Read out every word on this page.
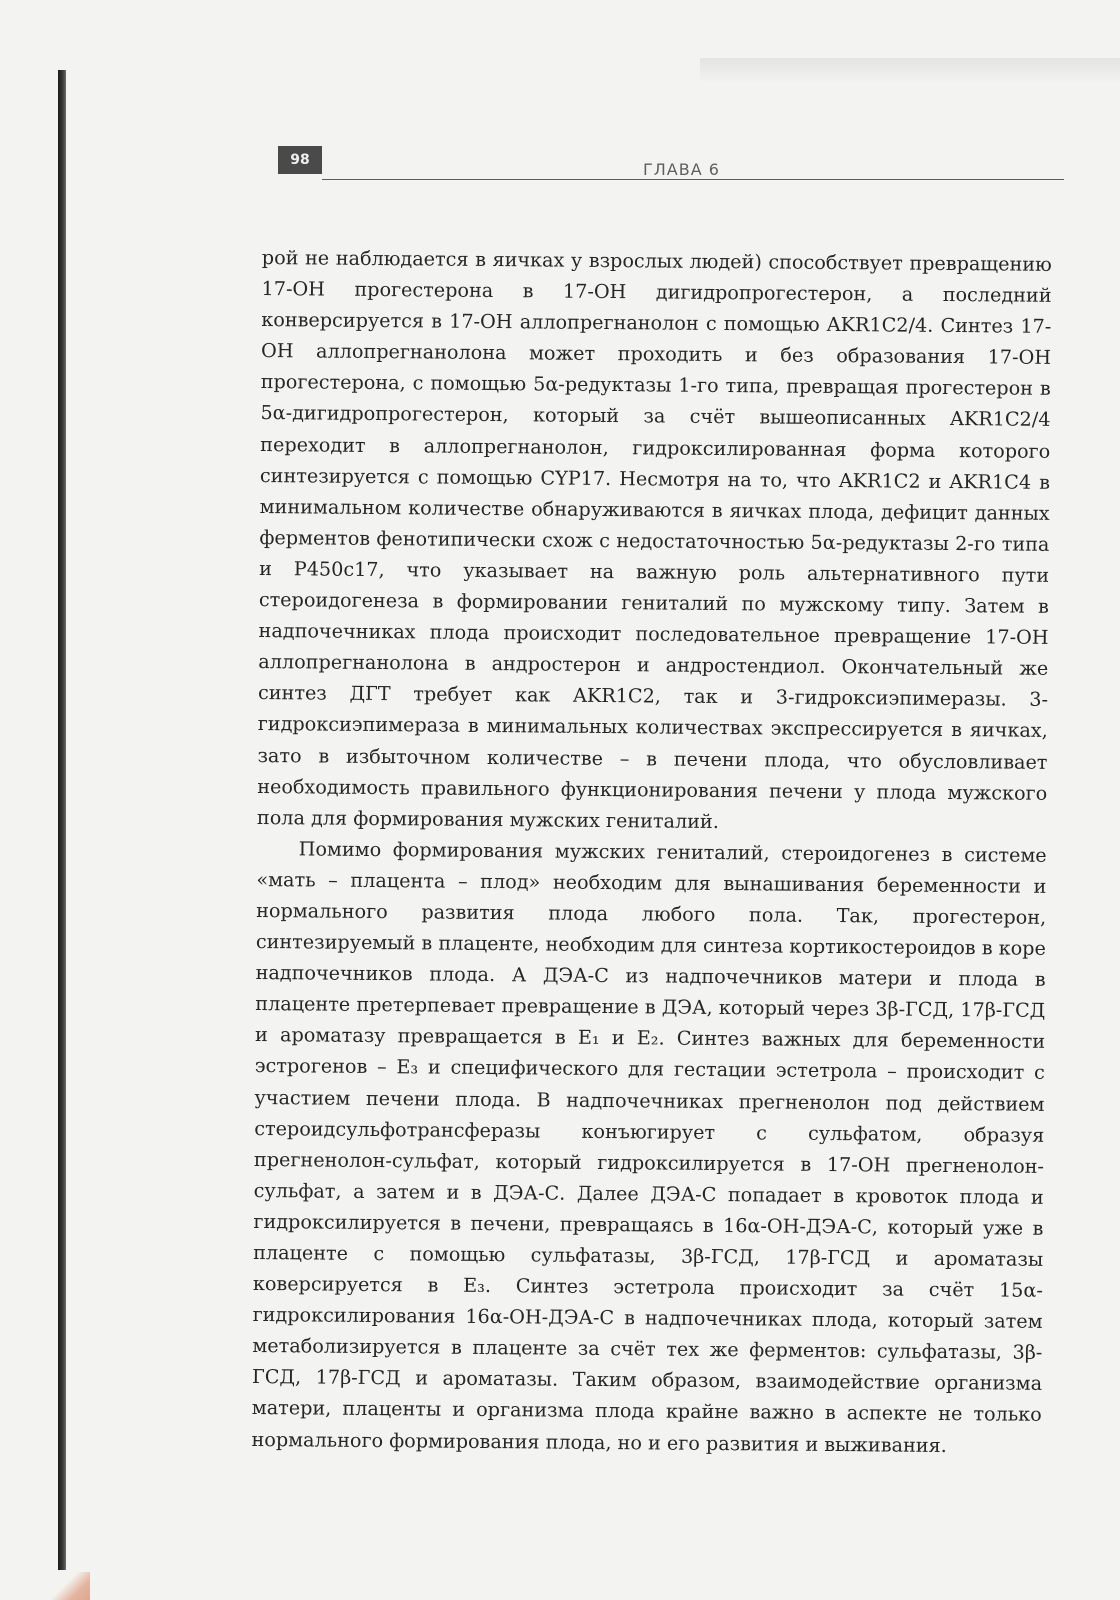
98	ГЛАВА 6

рой не наблюдается в яичках у взрослых людей) способствует превращению 17-ОН прогестерона в 17-ОН дигидропрогестерон, а последний конверсируется в 17-ОН аллопрегнанолон с помощью AKR1C2/4. Синтез 17-ОН аллопрегнанолона может проходить и без образования 17-ОН прогестерона, с помощью 5α-редуктазы 1-го типа, превращая прогестерон в 5α-дигидропрогестерон, который за счёт вышеописанных AKR1C2/4 переходит в аллопрегнанолон, гидроксилированная форма которого синтезируется с помощью CYP17. Несмотря на то, что AKR1C2 и AKR1C4 в минимальном количестве обнаруживаются в яичках плода, дефицит данных ферментов фенотипически схож с недостаточностью 5α-редуктазы 2-го типа и P450c17, что указывает на важную роль альтернативного пути стероидогенеза в формировании гениталий по мужскому типу. Затем в надпочечниках плода происходит последовательное превращение 17-ОН аллопрегнанолона в андростерон и андростендиол. Окончательный же синтез ДГТ требует как AKR1C2, так и 3-гидроксиэпимеразы. 3-гидроксиэпимераза в минимальных количествах экспрессируется в яичках, зато в избыточном количестве – в печени плода, что обусловливает необходимость правильного функционирования печени у плода мужского пола для формирования мужских гениталий.

Помимо формирования мужских гениталий, стероидогенез в системе «мать – плацента – плод» необходим для вынашивания беременности и нормального развития плода любого пола. Так, прогестерон, синтезируемый в плаценте, необходим для синтеза кортикостероидов в коре надпочечников плода. А ДЭА-С из надпочечников матери и плода в плаценте претерпевает превращение в ДЭА, который через 3β-ГСД, 17β-ГСД и ароматазу превращается в E₁ и E₂. Синтез важных для беременности эстрогенов – E₃ и специфического для гестации эстетрола – происходит с участием печени плода. В надпочечниках прегненолон под действием стероидсульфотрансферазы конъюгирует с сульфатом, образуя прегненолон-сульфат, который гидроксилируется в 17-ОН прегненолон-сульфат, а затем и в ДЭА-С. Далее ДЭА-С попадает в кровоток плода и гидроксилируется в печени, превращаясь в 16α-ОН-ДЭА-С, который уже в плаценте с помощью сульфатазы, 3β-ГСД, 17β-ГСД и ароматазы коверсируется в E₃. Синтез эстетрола происходит за счёт 15α-гидроксилирования 16α-ОН-ДЭА-С в надпочечниках плода, который затем метаболизируется в плаценте за счёт тех же ферментов: сульфатазы, 3β-ГСД, 17β-ГСД и ароматазы. Таким образом, взаимодействие организма матери, плаценты и организма плода крайне важно в аспекте не только нормального формирования плода, но и его развития и выживания.
